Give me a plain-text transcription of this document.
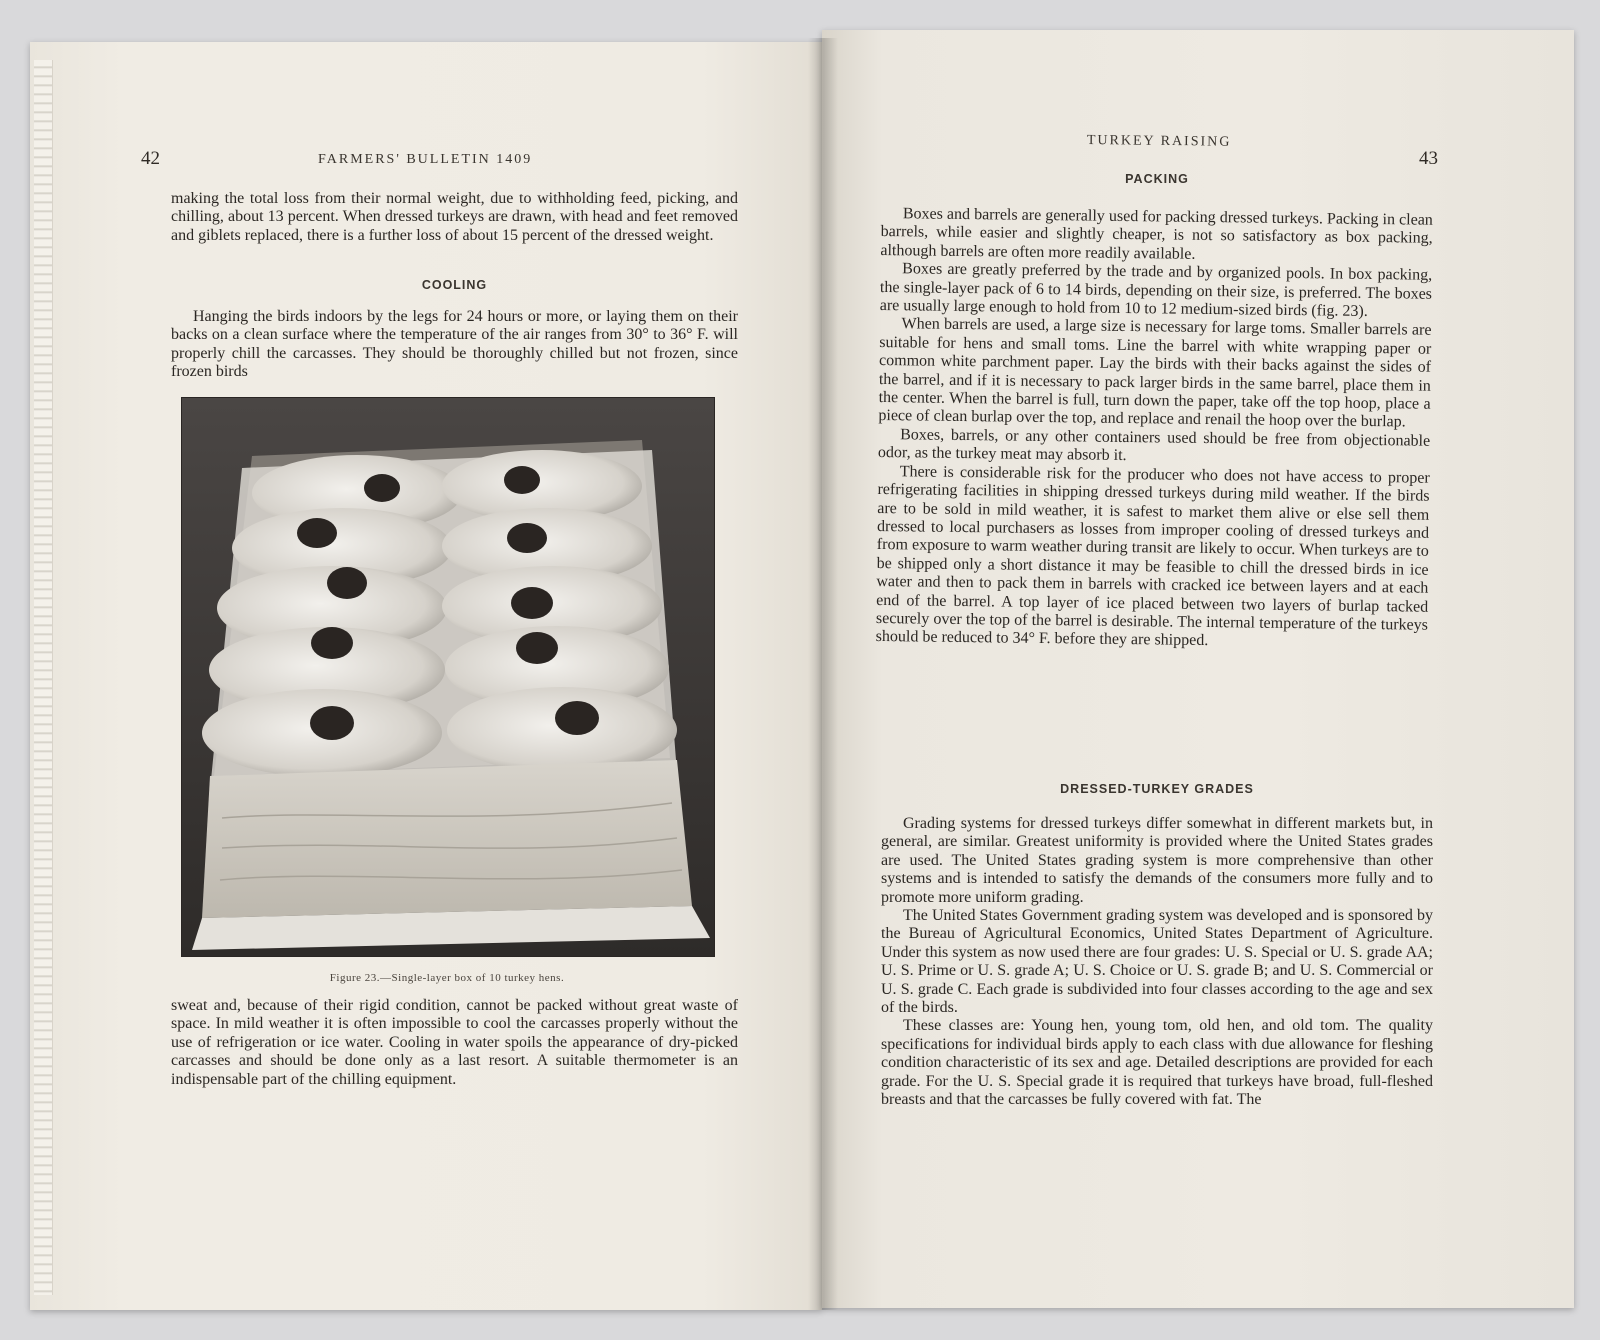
42	FARMERS' BULLETIN 1409

making the total loss from their normal weight, due to withholding feed, picking, and chilling, about 13 percent. When dressed turkeys are drawn, with head and feet removed and giblets replaced, there is a further loss of about 15 percent of the dressed weight.

COOLING

Hanging the birds indoors by the legs for 24 hours or more, or laying them on their backs on a clean surface where the temperature of the air ranges from 30° to 36° F. will properly chill the carcasses. They should be thoroughly chilled but not frozen, since frozen birds

Figure 23.—Single-layer box of 10 turkey hens.

sweat and, because of their rigid condition, cannot be packed without great waste of space. In mild weather it is often impossible to cool the carcasses properly without the use of refrigeration or ice water. Cooling in water spoils the appearance of dry-picked carcasses and should be done only as a last resort. A suitable thermometer is an indispensable part of the chilling equipment.

TURKEY RAISING
43
PACKING

Boxes and barrels are generally used for packing dressed turkeys. Packing in clean barrels, while easier and slightly cheaper, is not so satisfactory as box packing, although barrels are often more readily available.

Boxes are greatly preferred by the trade and by organized pools. In box packing, the single-layer pack of 6 to 14 birds, depending on their size, is preferred. The boxes are usually large enough to hold from 10 to 12 medium-sized birds (fig. 23).

When barrels are used, a large size is necessary for large toms. Smaller barrels are suitable for hens and small toms. Line the barrel with white wrapping paper or common white parchment paper. Lay the birds with their backs against the sides of the barrel, and if it is necessary to pack larger birds in the same barrel, place them in the center. When the barrel is full, turn down the paper, take off the top hoop, place a piece of clean burlap over the top, and replace and renail the hoop over the burlap.

Boxes, barrels, or any other containers used should be free from objectionable odor, as the turkey meat may absorb it.

There is considerable risk for the producer who does not have access to proper refrigerating facilities in shipping dressed turkeys during mild weather. If the birds are to be sold in mild weather, it is safest to market them alive or else sell them dressed to local purchasers as losses from improper cooling of dressed turkeys and from exposure to warm weather during transit are likely to occur. When turkeys are to be shipped only a short distance it may be feasible to chill the dressed birds in ice water and then to pack them in barrels with cracked ice between layers and at each end of the barrel. A top layer of ice placed between two layers of burlap tacked securely over the top of the barrel is desirable. The internal temperature of the turkeys should be reduced to 34° F. before they are shipped.

DRESSED-TURKEY GRADES

Grading systems for dressed turkeys differ somewhat in different markets but, in general, are similar. Greatest uniformity is provided where the United States grades are used. The United States grading system is more comprehensive than other systems and is intended to satisfy the demands of the consumers more fully and to promote more uniform grading.

The United States Government grading system was developed and is sponsored by the Bureau of Agricultural Economics, United States Department of Agriculture. Under this system as now used there are four grades: U. S. Special or U. S. grade AA; U. S. Prime or U. S. grade A; U. S. Choice or U. S. grade B; and U. S. Commercial or U. S. grade C. Each grade is subdivided into four classes according to the age and sex of the birds.

These classes are: Young hen, young tom, old hen, and old tom. The quality specifications for individual birds apply to each class with due allowance for fleshing condition characteristic of its sex and age. Detailed descriptions are provided for each grade. For the U. S. Special grade it is required that turkeys have broad, full-fleshed breasts and that the carcasses be fully covered with fat. The
